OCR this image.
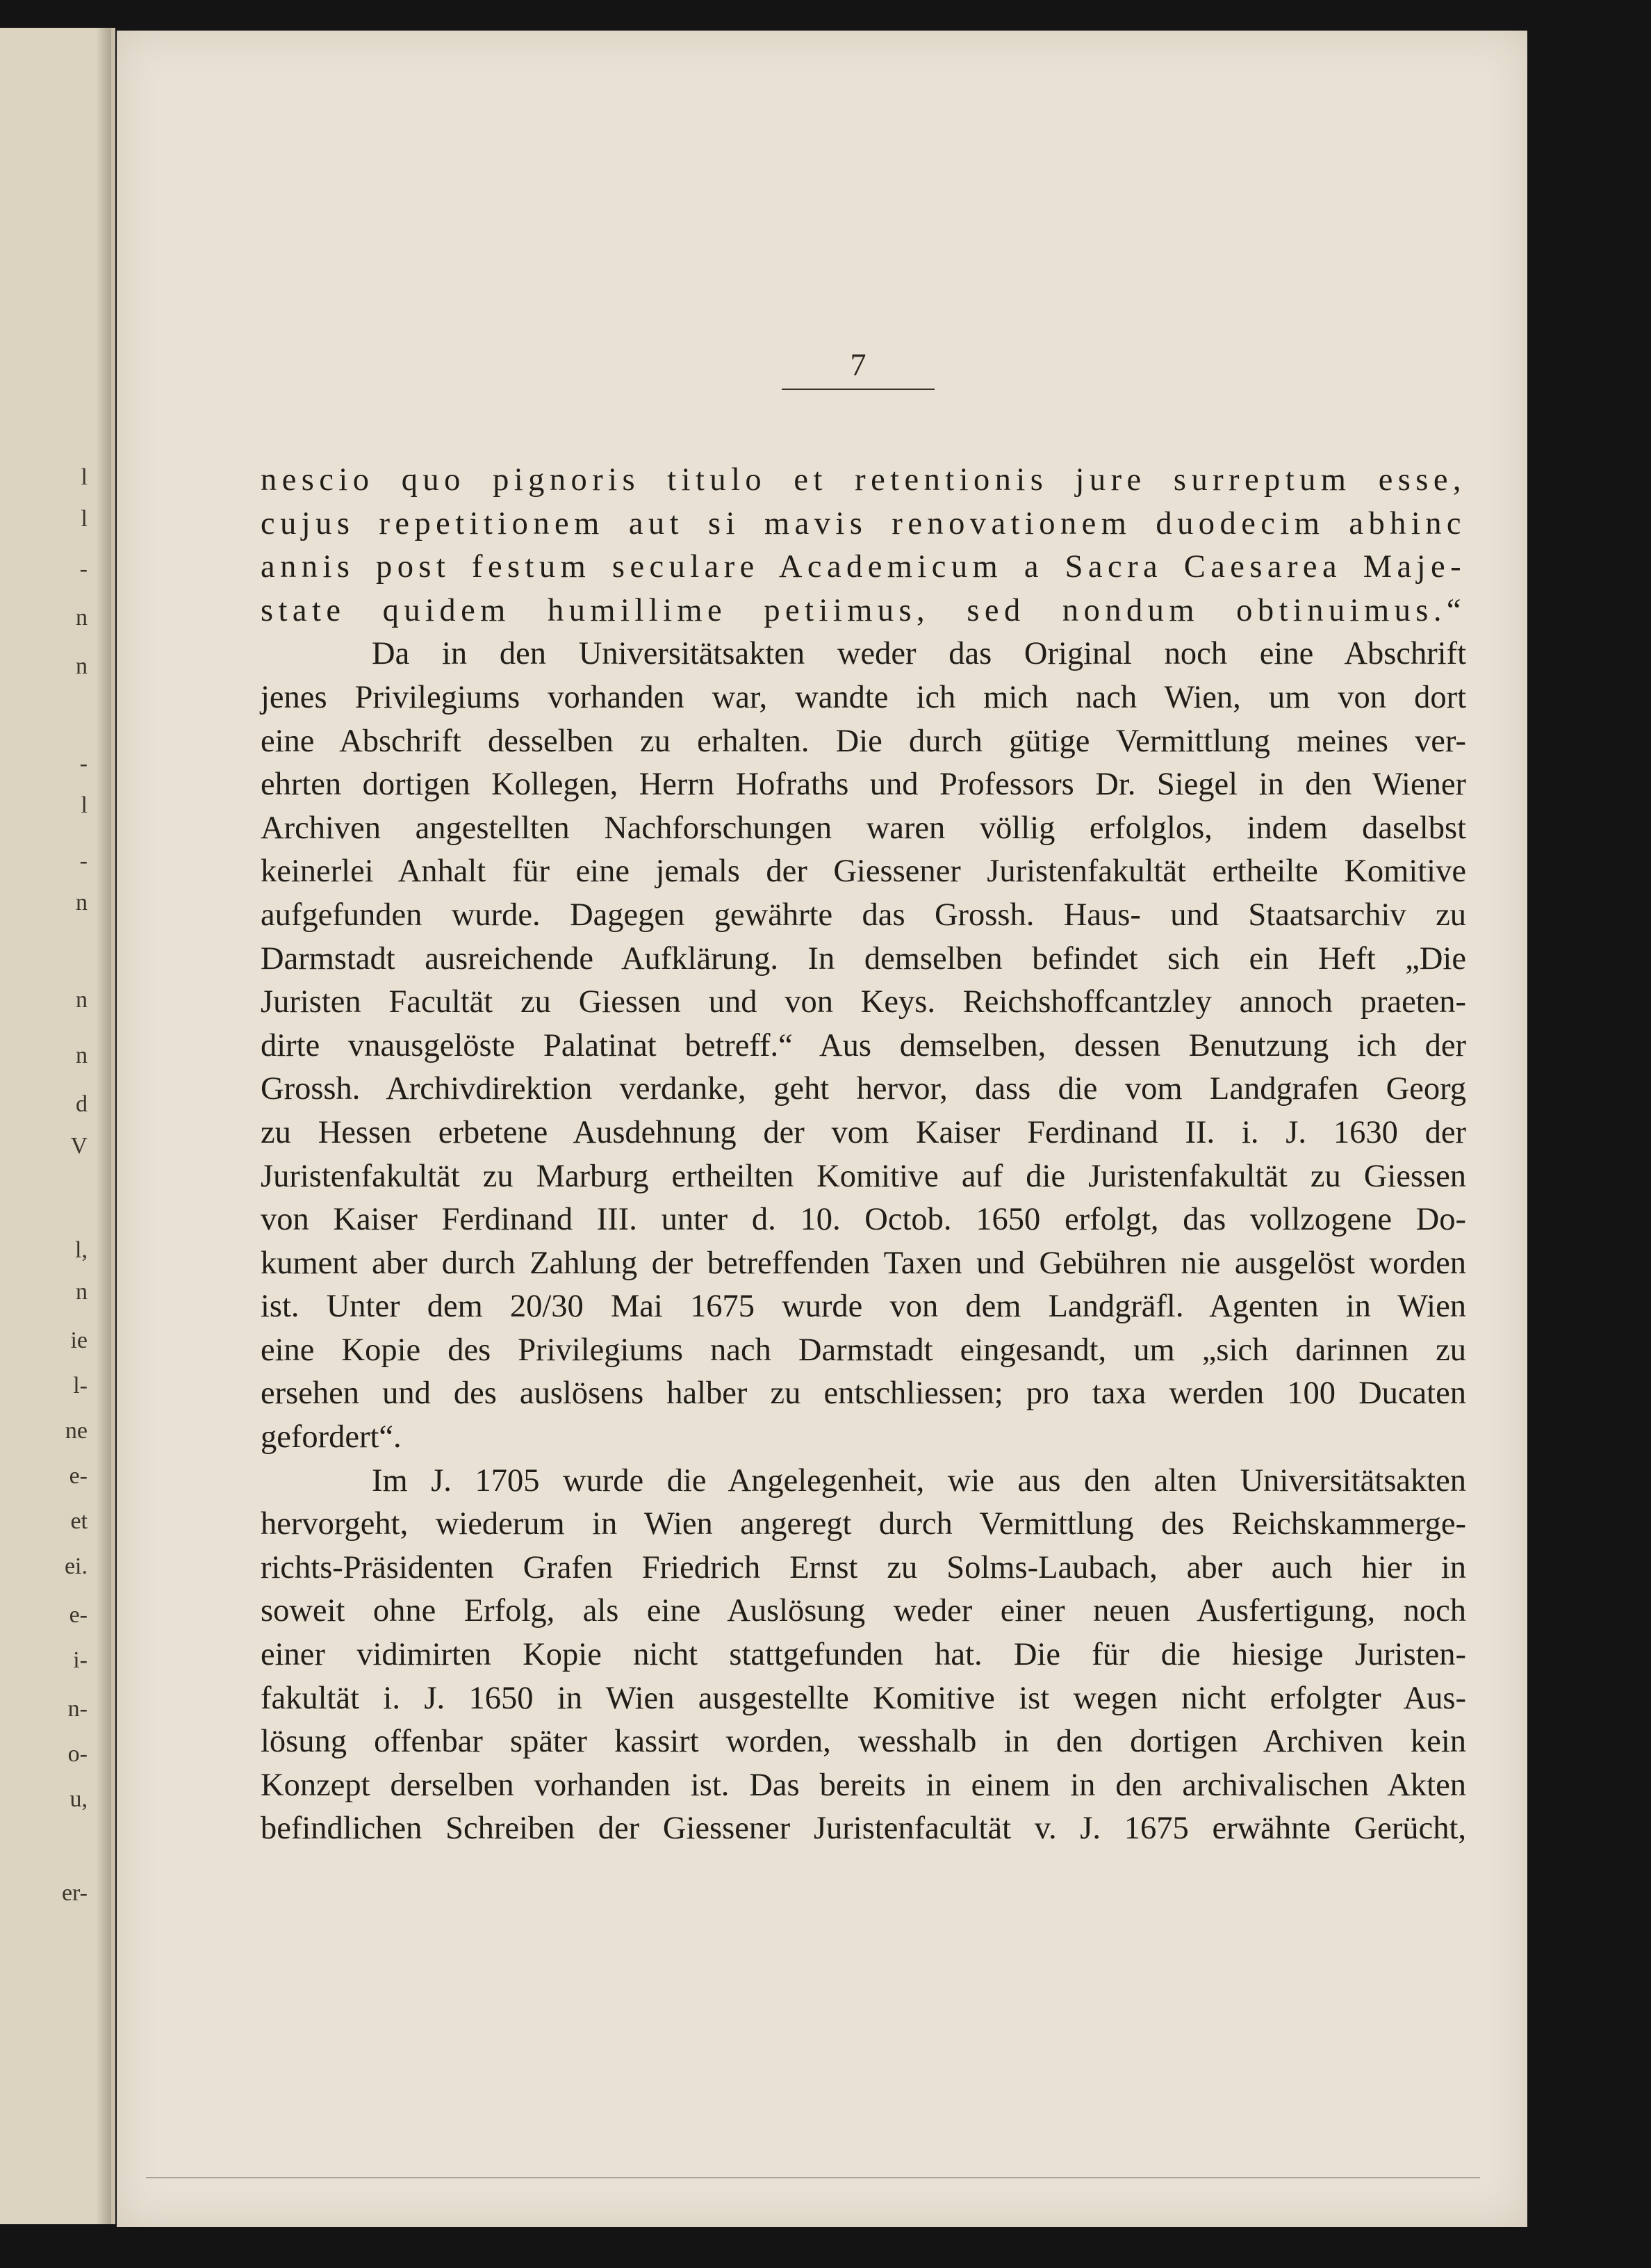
l
l
-
n
n
-
l
-
n
n
n
d
V
l,
n
ie
l-
ne
e-
et
ei.
e-
i-
n-
o-
u,
er-
7
nescio quo pignoris titulo et retentionis jure surreptum esse,
cujus repetitionem aut si mavis renovationem duodecim abhinc
annis post festum seculare Academicum a Sacra Caesarea Maje-
state quidem humillime petiimus, sed nondum obtinuimus.“
Da in den Universitätsakten weder das Original noch eine Abschrift
jenes Privilegiums vorhanden war, wandte ich mich nach Wien, um von dort
eine Abschrift desselben zu erhalten. Die durch gütige Vermittlung meines ver-
ehrten dortigen Kollegen, Herrn Hofraths und Professors Dr. Siegel in den Wiener
Archiven angestellten Nachforschungen waren völlig erfolglos, indem daselbst
keinerlei Anhalt für eine jemals der Giessener Juristenfakultät ertheilte Komitive
aufgefunden wurde. Dagegen gewährte das Grossh. Haus- und Staatsarchiv zu
Darmstadt ausreichende Aufklärung. In demselben befindet sich ein Heft „Die
Juristen Facultät zu Giessen und von Keys. Reichshoffcantzley annoch praeten-
dirte vnausgelöste Palatinat betreff.“ Aus demselben, dessen Benutzung ich der
Grossh. Archivdirektion verdanke, geht hervor, dass die vom Landgrafen Georg
zu Hessen erbetene Ausdehnung der vom Kaiser Ferdinand II. i. J. 1630 der
Juristenfakultät zu Marburg ertheilten Komitive auf die Juristenfakultät zu Giessen
von Kaiser Ferdinand III. unter d. 10. Octob. 1650 erfolgt, das vollzogene Do-
kument aber durch Zahlung der betreffenden Taxen und Gebühren nie ausgelöst worden
ist. Unter dem 20/30 Mai 1675 wurde von dem Landgräfl. Agenten in Wien
eine Kopie des Privilegiums nach Darmstadt eingesandt, um „sich darinnen zu
ersehen und des auslösens halber zu entschliessen; pro taxa werden 100 Ducaten
gefordert“.
Im J. 1705 wurde die Angelegenheit, wie aus den alten Universitätsakten
hervorgeht, wiederum in Wien angeregt durch Vermittlung des Reichskammerge-
richts-Präsidenten Grafen Friedrich Ernst zu Solms-Laubach, aber auch hier in
soweit ohne Erfolg, als eine Auslösung weder einer neuen Ausfertigung, noch
einer vidimirten Kopie nicht stattgefunden hat. Die für die hiesige Juristen-
fakultät i. J. 1650 in Wien ausgestellte Komitive ist wegen nicht erfolgter Aus-
lösung offenbar später kassirt worden, wesshalb in den dortigen Archiven kein
Konzept derselben vorhanden ist. Das bereits in einem in den archivalischen Akten
befindlichen Schreiben der Giessener Juristenfacultät v. J. 1675 erwähnte Gerücht,
